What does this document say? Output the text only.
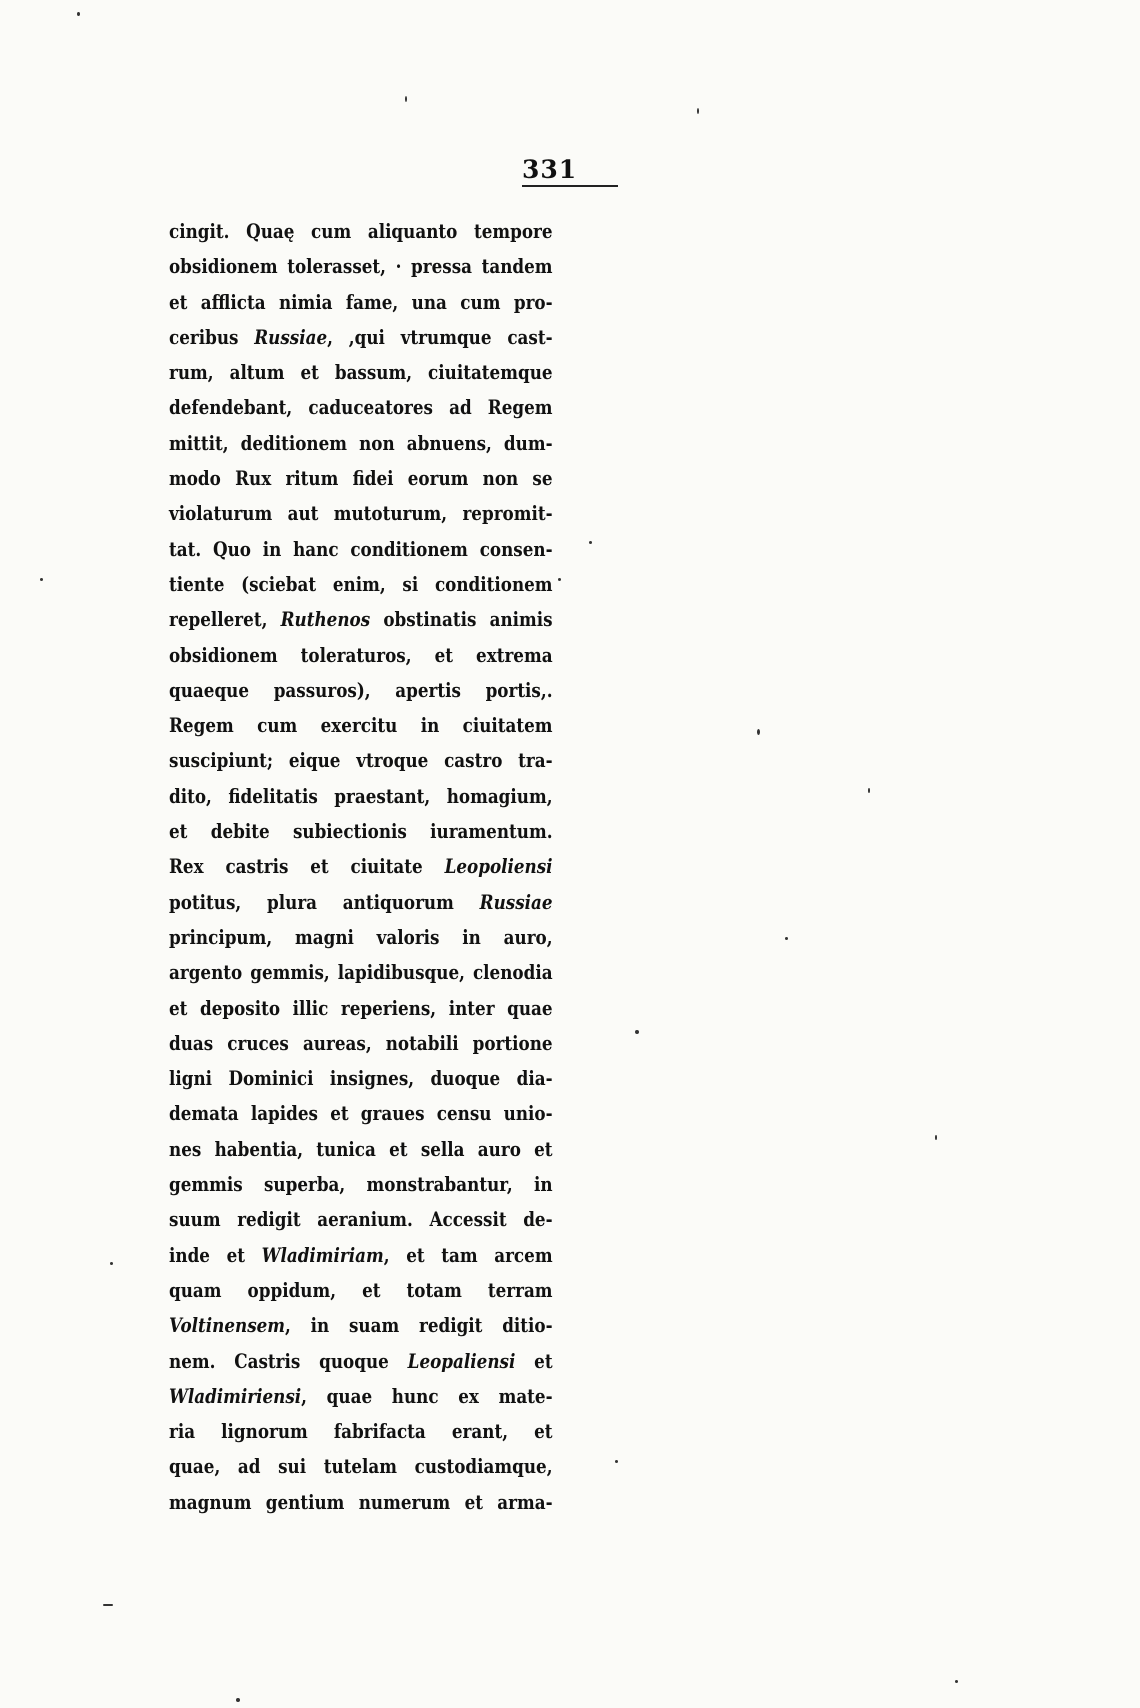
331
cingit. Quaę cum aliquanto tempore
obsidionem tolerasset, · pressa tandem
et afflicta nimia fame, una cum pro-
ceribus Russiae, ,qui vtrumque cast-
rum, altum et bassum, ciuitatemque
defendebant, caduceatores ad Regem
mittit, deditionem non abnuens, dum-
modo Rux ritum fidei eorum non se
violaturum aut mutoturum, repromit-
tat. Quo in hanc conditionem consen-
tiente (sciebat enim, si conditionem
repelleret, Ruthenos obstinatis animis
obsidionem toleraturos, et extrema
quaeque passuros), apertis portis,.
Regem cum exercitu in ciuitatem
suscipiunt; eique vtroque castro tra-
dito, fidelitatis praestant, homagium,
et debite subiectionis iuramentum.
Rex castris et ciuitate Leopoliensi
potitus, plura antiquorum Russiae
principum, magni valoris in auro,
argento gemmis, lapidibusque, clenodia
et deposito illic reperiens, inter quae
duas cruces aureas, notabili portione
ligni Dominici insignes, duoque dia-
demata lapides et graues censu unio-
nes habentia, tunica et sella auro et
gemmis superba, monstrabantur, in
suum redigit aeranium. Accessit de-
inde et Wladimiriam, et tam arcem
quam oppidum, et totam terram
Voltinensem, in suam redigit ditio-
nem. Castris quoque Leopaliensi et
Wladimiriensi, quae hunc ex mate-
ria lignorum fabrifacta erant, et
quae, ad sui tutelam custodiamque,
magnum gentium numerum et arma-
